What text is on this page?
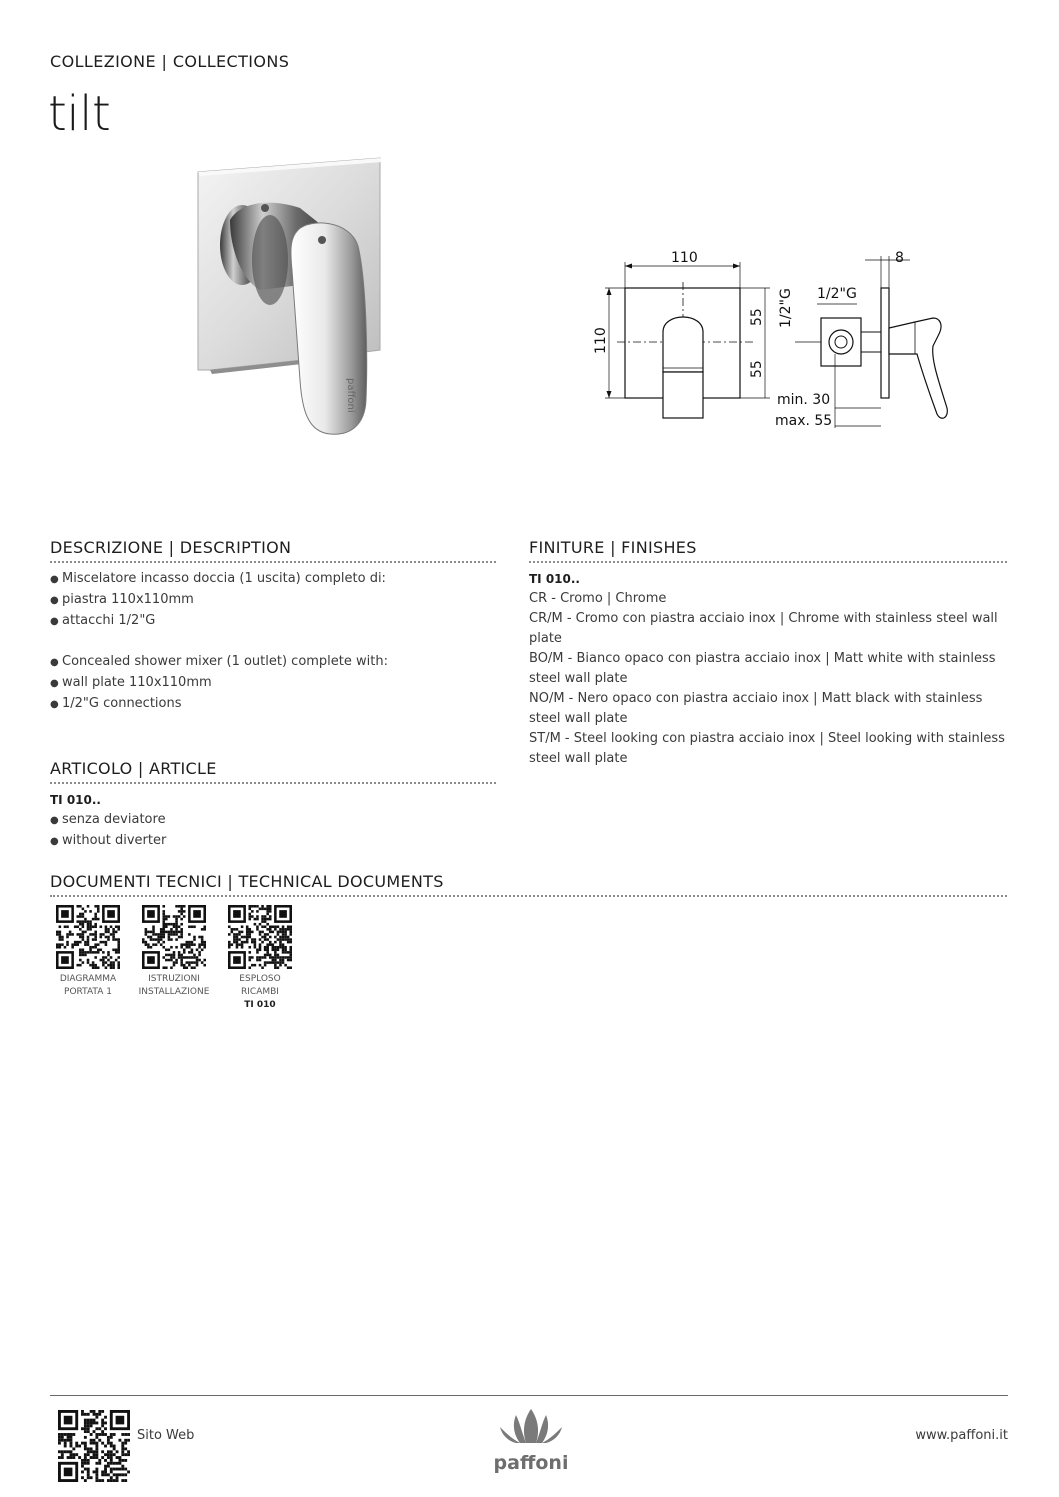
COLLEZIONE | COLLECTIONS
tilt
paffoni
110
110
55
55
1/2"G 1/2"G
8
min. 30
max. 55
DESCRIZIONE | DESCRIPTION
● Miscelatore incasso doccia (1 uscita) completo di:
● piastra 110x110mm
● attacchi 1/2"G
● Concealed shower mixer (1 outlet) complete with:
● wall plate 110x110mm
● 1/2"G connections
FINITURE | FINISHES
TI 010..
CR - Cromo | Chrome
CR/M - Cromo con piastra acciaio inox | Chrome with stainless steel wall plate
BO/M - Bianco opaco con piastra acciaio inox | Matt white with stainless steel wall plate
NO/M - Nero opaco con piastra acciaio inox | Matt black with stainless steel wall plate
ST/M - Steel looking con piastra acciaio inox | Steel looking with stainless steel wall plate
ARTICOLO | ARTICLE
TI 010..
● senza deviatore
● without diverter
DOCUMENTI TECNICI | TECHNICAL DOCUMENTS
DIAGRAMMA
PORTATA 1
ISTRUZIONI
INSTALLAZIONE
ESPLOSO
RICAMBI
TI 010
Sito Web
paffoni
www.paffoni.it
